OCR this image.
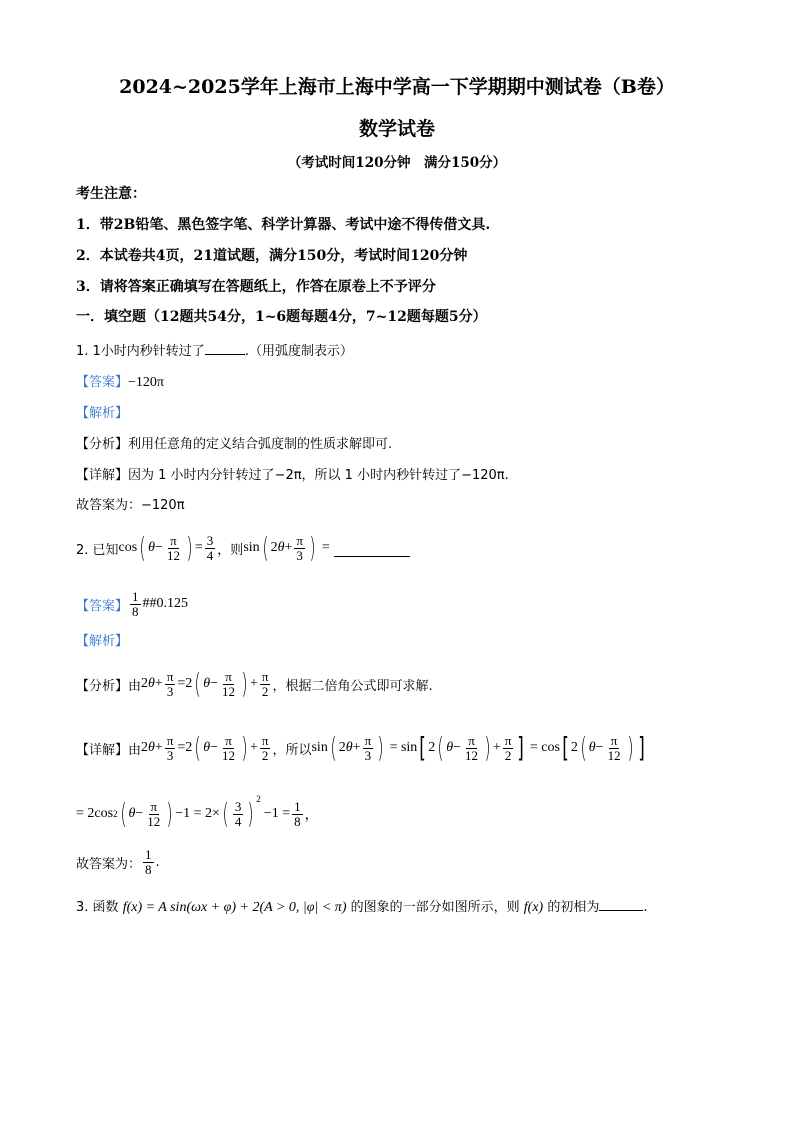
2024~2025学年上海市上海中学高一下学期期中测试卷（B卷）
数学试卷
（考试时间120分钟　满分150分）
考生注意：
1．带2B铅笔、黑色签字笔、科学计算器、考试中途不得传借文具.
2．本试卷共4页，21道试题，满分150分，考试时间120分钟
3．请将答案正确填写在答题纸上，作答在原卷上不予评分
一．填空题（12题共54分，1~6题每题4分，7~12题每题5分）
1. 1小时内秒针转过了	.（用弧度制表示）
【答案】−120π
【解析】
【分析】利用任意角的定义结合弧度制的性质求解即可.
【详解】因为 1 小时内分针转过了−2π，所以 1 小时内秒针转过了−120π.
故答案为：−120π
2. 已知 cos ( $\theta - \frac{\pi}{12}$ ) = $\frac{3}{4}$ ，则 sin ( $2\theta+ \frac{\pi}{3}$ ) =
【答案】 $\frac{1}{8}$ ##0.125
【解析】
【分析】 由 $2\theta+ \frac{\pi}{3} =2$ ( $\theta - \frac{\pi}{12}$ ) + $\frac{\pi}{2}$ ，根据二倍角公式即可求解.
【详解】 由 $2\theta+ \frac{\pi}{3} =2$ ( $\theta - \frac{\pi}{12}$ ) + $\frac{\pi}{2}$ ，所以 sin ( $2\theta+ \frac{\pi}{3}$ ) = sin [ 2 ( $\theta - \frac{\pi}{12}$ ) + $\frac{\pi}{2}$ ] = cos [ 2 ( $\theta - \frac{\pi}{12}$ ) ]
= 2cos 2 ( $\theta - \frac{\pi}{12}$ ) −1 = 2× ( $\frac{3}{4}$ ) $^2$
$-1 = \frac{1}{8}$ ，
故答案为： $\frac{1}{8}$ .
3. 函数 f(x) = A sin(ωx + φ) + 2(A > 0, |φ| < π) 的图象的一部分如图所示，则 f(x) 的初相为	.
